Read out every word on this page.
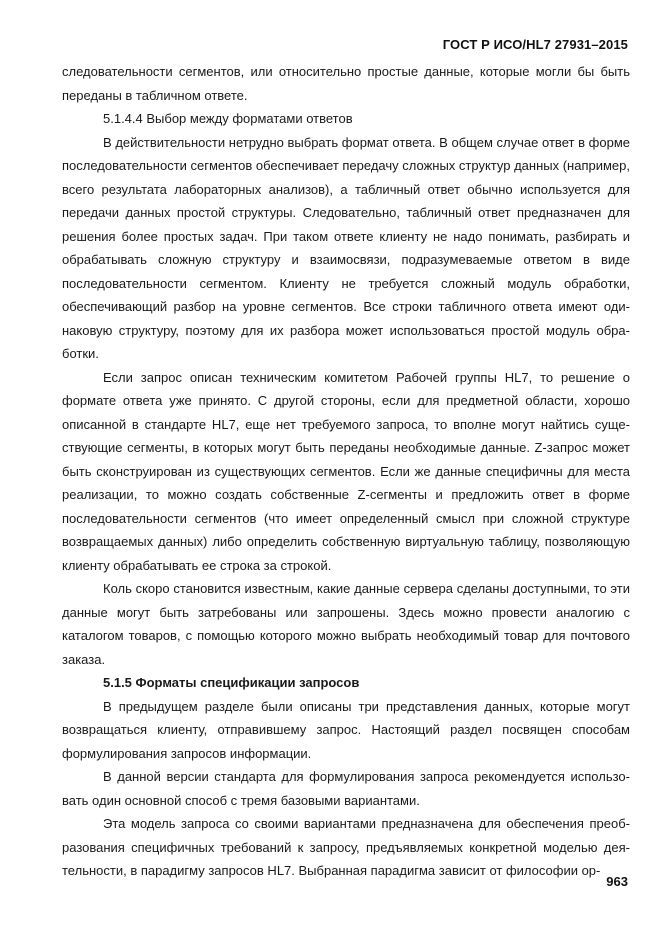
ГОСТ Р ИСО/HL7 27931–2015

следовательности сегментов, или относительно простые данные, которые могли бы быть переданы в табличном ответе.

5.1.4.4 Выбор между форматами ответов

В действительности нетрудно выбрать формат ответа. В общем случае ответ в форме последовательности сегментов обеспечивает передачу сложных структур данных (например, всего результата лабораторных анализов), а табличный ответ обычно используется для передачи данных простой структуры. Следовательно, табличный ответ предназначен для решения более простых задач. При таком ответе клиенту не надо понимать, разбирать и обрабатывать сложную структуру и взаимосвязи, подразумеваемые ответом в виде последовательности сегментом. Клиенту не требуется сложный модуль обработки, обеспечивающий разбор на уровне сегментов. Все строки табличного ответа имеют одинаковую структуру, поэтому для их разбора может использоваться простой модуль обработки.

Если запрос описан техническим комитетом Рабочей группы HL7, то решение о формате ответа уже принято. С другой стороны, если для предметной области, хорошо описанной в стандарте HL7, еще нет требуемого запроса, то вполне могут найтись существующие сегменты, в которых могут быть переданы необходимые данные. Z-запрос может быть сконструирован из существующих сегментов. Если же данные специфичны для места реализации, то можно создать собственные Z-сегменты и предложить ответ в форме последовательности сегментов (что имеет определенный смысл при сложной структуре возвращаемых данных) либо определить собственную виртуальную таблицу, позволяющую клиенту обрабатывать ее строка за строкой.

Коль скоро становится известным, какие данные сервера сделаны доступными, то эти данные могут быть затребованы или запрошены. Здесь можно провести аналогию с каталогом товаров, с помощью которого можно выбрать необходимый товар для почтового заказа.

5.1.5 Форматы спецификации запросов

В предыдущем разделе были описаны три представления данных, которые могут возвращаться клиенту, отправившему запрос. Настоящий раздел посвящен способам формулирования запросов информации.

В данной версии стандарта для формулирования запроса рекомендуется использовать один основной способ с тремя базовыми вариантами.

Эта модель запроса со своими вариантами предназначена для обеспечения преобразования специфичных требований к запросу, предъявляемых конкретной моделью деятельности, в парадигму запросов HL7. Выбранная парадигма зависит от философии ор-

963
